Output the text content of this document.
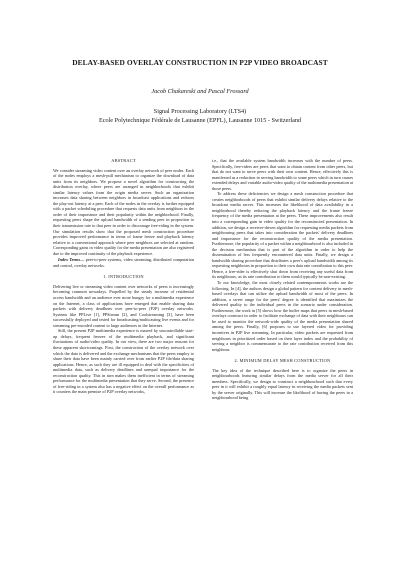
DELAY-BASED OVERLAY CONSTRUCTION IN P2P VIDEO BROADCAST
Jacob Chakareski and Pascal Frossard
Signal Processing Laboratory (LTS4)
Ecole Polytechnique Fédérale de Lausanne (EPFL), Lausanne 1015 - Switzerland
ABSTRACT

We consider streaming video content over an overlay network of peer nodes. Each of the nodes employs a mesh-pull mechanism to organize the download of data units from its neighbors. We propose a novel algorithm for constructing the distribution overlay, where peers are arranged in neighborhoods that exhibit similar latency values from the origin media server. Such an organization increases data sharing between neighbors in broadcast applications and reduces the play-out latency at a peer. Each of the nodes in the overlay is further equipped with a packet scheduling procedure that requests data units from neighbors in the order of their importance and their popularity within the neighborhood. Finally, requesting peers shape the upload bandwidth of a sending peer in proportion to their transmission rate to that peer in order to discourage free-riding in the system. Our simulation results show that the proposed mesh construction procedure provides improved performance in terms of frame freeze and playback latency relative to a conventional approach where peer neighbors are selected at random. Corresponding gains in video quality for the media presentation are also registered due to the improved continuity of the playback experience.

Index Terms— peer-to-peer systems, video streaming, distributed computation and control, overlay networks.

1. INTRODUCTION

Delivering live or streaming video content over networks of peers is increasingly becoming common nowadays. Propelled by the steady increase of residential access bandwidth and an audience ever more hungry for a multimedia experience on the Internet, a class of applications have emerged that enable sharing data packets with delivery deadlines over peer-to-peer (P2P) overlay networks. Systems like PPLive [1], PPStream [2], and Coolstreaming [3], have been successfully deployed and tested for broadcasting/multicasting live events and for streaming pre-encoded content to large audiences in the Internet.

Still, the present P2P multimedia experience is marred by uncontrollable start-up delays, frequent freezes of the multimedia playback, and significant fluctuations of audio/video quality. In our view, there are two major reasons for these apparent shortcomings. First, the construction of the overlay network over which the data is delivered and the exchange mechanisms that the peers employ to share their data have been mainly carried over from earlier P2P file/data sharing applications. Hence, as such they are ill equipped to deal with the specificities of multimedia data, such as delivery deadlines and unequal importance for the reconstruction quality. This in turn makes them inefficient in terms of streaming performance for the multimedia presentation that they serve. Second, the presence of free-riding in a system also has a negative effect on the overall performance as it counters the main premise of P2P overlay networks,

i.e., that the available system bandwidth increases with the number of peers. Specifically, free-riders are peers that want to obtain content from other peers, but that do not want to serve peers with their own content. Hence, effectively this is manifested as a reduction in serving bandwidth to some peers which in turn causes extended delays and variable audio-video quality of the multimedia presentation at those peers.

To address these deficiencies we design a mesh construction procedure that creates neighborhoods of peers that exhibit similar delivery delays relative to the broadcast media server. This increases the likelihood of data availability in a neighborhood thereby reducing the playback latency and the frame freeze frequency of the media presentation at the peers. These improvements also result into a corresponding gain in video quality for the reconstructed presentation. In addition, we design a receiver-driven algorithm for requesting media packets from neighbouring peers that takes into consideration the packets' delivery deadlines and importance for the reconstruction quality of the media presentation. Furthermore, the popularity of a packet within a neighbourhood is also included in the decision mechanism that is part of the algorithm in order to help the dissemination of less frequently encountered data units. Finally, we design a bandwidth sharing procedure that distributes a peer's upload bandwidth among its requesting neighbours in proportion to their own data rate contribution to this peer. Hence, a free-rider is effectively shut down from receiving any useful data from its neighbours, as its rate contribution to them would typically be non-existing.

To our knowledge, the most closely related contemporaneous works are the following. In [4], the authors design a global pattern for content delivery in mesh-based overlays that can utilize the upload bandwidth of most of the peers. In addition, a sweet range for the peers' degree is identified that maximizes the delivered quality to the individual peers in the scenario under consideration. Furthermore, the work in [5] shows how the buffer maps that peers in mesh-based overlays construct in order to facilitate exchange of data with their neighbours can be used to monitor the network-wide quality of the media presentation shared among the peers. Finally, [6] proposes to use layered video for providing incentives in P2P live streaming. In particular, video packets are requested from neighbours in prioritized order based on their layer index and the probability of serving a neighbor is commensurate to the rate contribution received from this neighbour.

2. MINIMUM DELAY MESH CONSTRUCTION

The key idea of the technique described here is to organize the peers in neighbourhoods featuring similar delays from the media server for all their members. Specifically, we design to construct a neighbourhood such that every peer in it will exhibit a roughly equal latency in receiving the media packets sent by the server originally. This will increase the likelihood of having the peers in a neighbourhood being
